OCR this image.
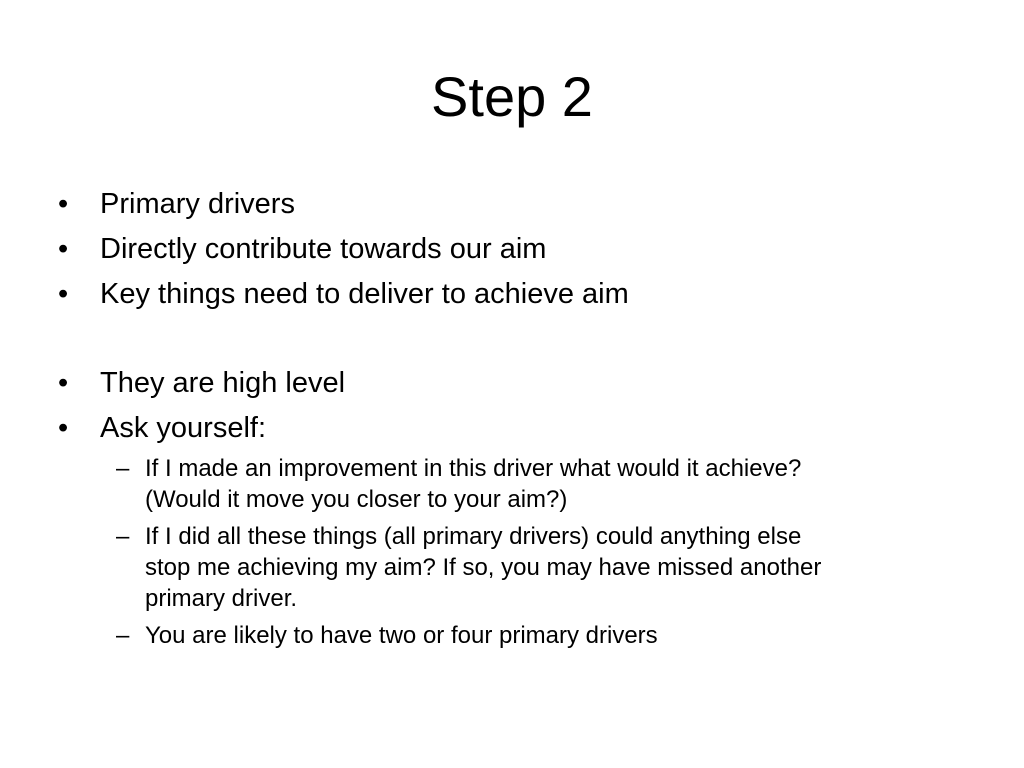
Step 2
• Primary drivers
• Directly contribute towards our aim
• Key things need to deliver to achieve aim
• They are high level
• Ask yourself:
– If I made an improvement in this driver what would it achieve?
(Would it move you closer to your aim?)
– If I did all these things (all primary drivers) could anything else
stop me achieving my aim? If so, you may have missed another
primary driver.
– You are likely to have two or four primary drivers
